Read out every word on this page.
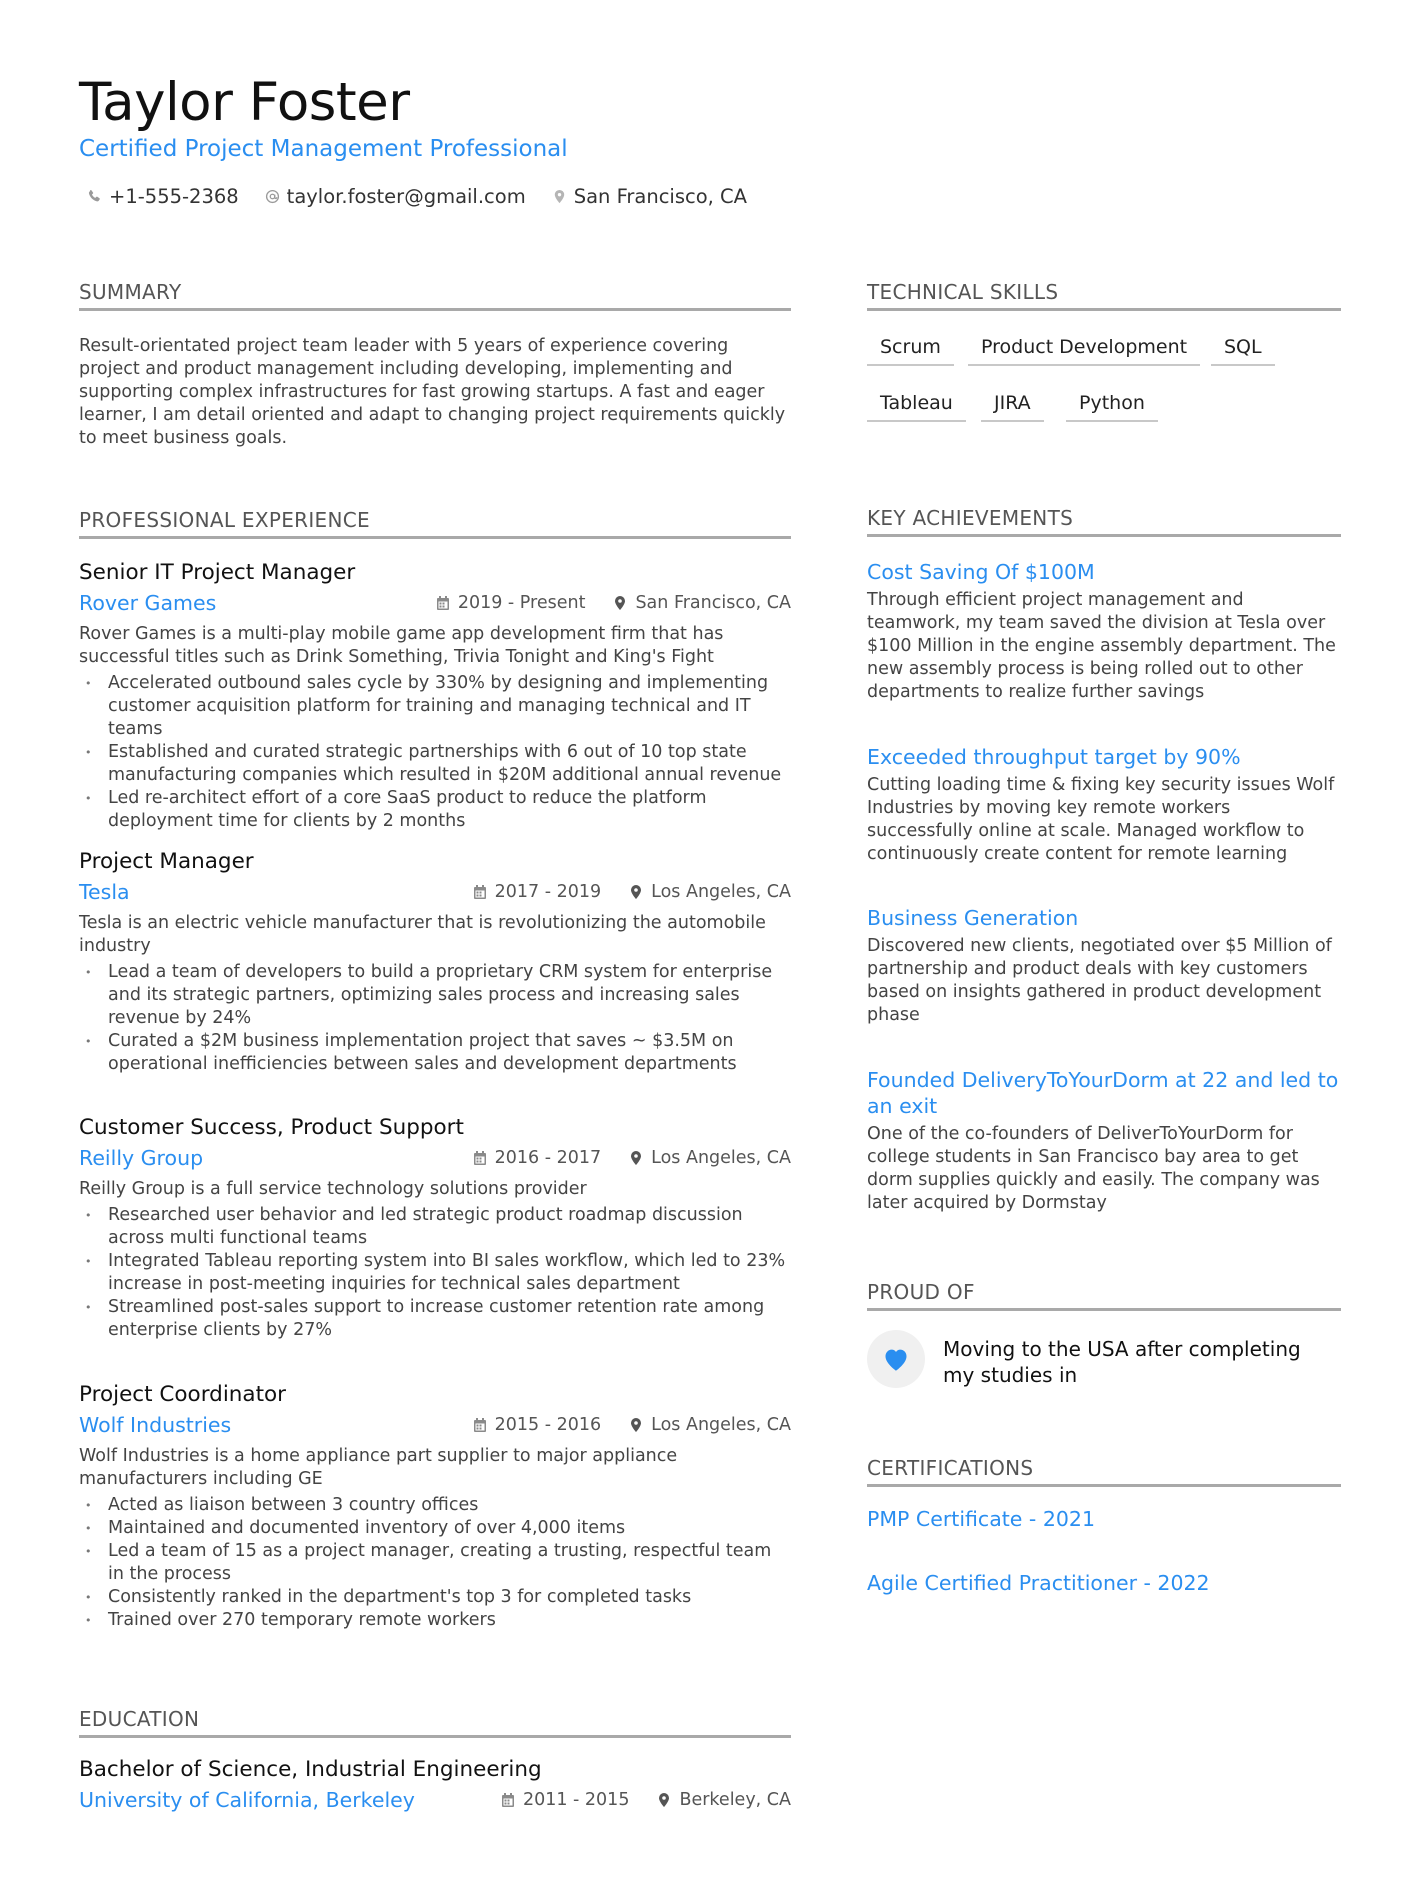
Taylor Foster
Certified Project Management Professional
+1-555-2368 taylor.foster@gmail.com San Francisco, CA
SUMMARY
Result-orientated project team leader with 5 years of experience covering project and product management including developing, implementing and supporting complex infrastructures for fast growing startups. A fast and eager learner, I am detail oriented and adapt to changing project requirements quickly to meet business goals.
PROFESSIONAL EXPERIENCE
Senior IT Project Manager
Rover Games	2019 - Present	San Francisco, CA
Rover Games is a multi-play mobile game app development firm that has successful titles such as Drink Something, Trivia Tonight and King's Fight
• Accelerated outbound sales cycle by 330% by designing and implementing customer acquisition platform for training and managing technical and IT teams
• Established and curated strategic partnerships with 6 out of 10 top state manufacturing companies which resulted in $20M additional annual revenue
• Led re-architect effort of a core SaaS product to reduce the platform deployment time for clients by 2 months
Project Manager
Tesla	2017 - 2019	Los Angeles, CA
Tesla is an electric vehicle manufacturer that is revolutionizing the automobile industry
• Lead a team of developers to build a proprietary CRM system for enterprise and its strategic partners, optimizing sales process and increasing sales revenue by 24%
• Curated a $2M business implementation project that saves ~ $3.5M on operational inefficiencies between sales and development departments
Customer Success, Product Support
Reilly Group	2016 - 2017	Los Angeles, CA
Reilly Group is a full service technology solutions provider
• Researched user behavior and led strategic product roadmap discussion across multi functional teams
• Integrated Tableau reporting system into BI sales workflow, which led to 23% increase in post-meeting inquiries for technical sales department
• Streamlined post-sales support to increase customer retention rate among enterprise clients by 27%
Project Coordinator
Wolf Industries	2015 - 2016	Los Angeles, CA
Wolf Industries is a home appliance part supplier to major appliance manufacturers including GE
• Acted as liaison between 3 country offices
• Maintained and documented inventory of over 4,000 items
• Led a team of 15 as a project manager, creating a trusting, respectful team in the process
• Consistently ranked in the department's top 3 for completed tasks
• Trained over 270 temporary remote workers
EDUCATION
Bachelor of Science, Industrial Engineering
University of California, Berkeley	2011 - 2015	Berkeley, CA
TECHNICAL SKILLS
Scrum	Product Development	SQL
Tableau	JIRA	Python
KEY ACHIEVEMENTS
Cost Saving Of $100M
Through efficient project management and teamwork, my team saved the division at Tesla over $100 Million in the engine assembly department. The new assembly process is being rolled out to other departments to realize further savings
Exceeded throughput target by 90%
Cutting loading time & fixing key security issues Wolf Industries by moving key remote workers successfully online at scale. Managed workflow to continuously create content for remote learning
Business Generation
Discovered new clients, negotiated over $5 Million of partnership and product deals with key customers based on insights gathered in product development phase
Founded DeliveryToYourDorm at 22 and led to an exit
One of the co-founders of DeliverToYourDorm for college students in San Francisco bay area to get dorm supplies quickly and easily. The company was later acquired by Dormstay
PROUD OF
Moving to the USA after completing my studies in
CERTIFICATIONS
PMP Certificate - 2021
Agile Certified Practitioner - 2022
